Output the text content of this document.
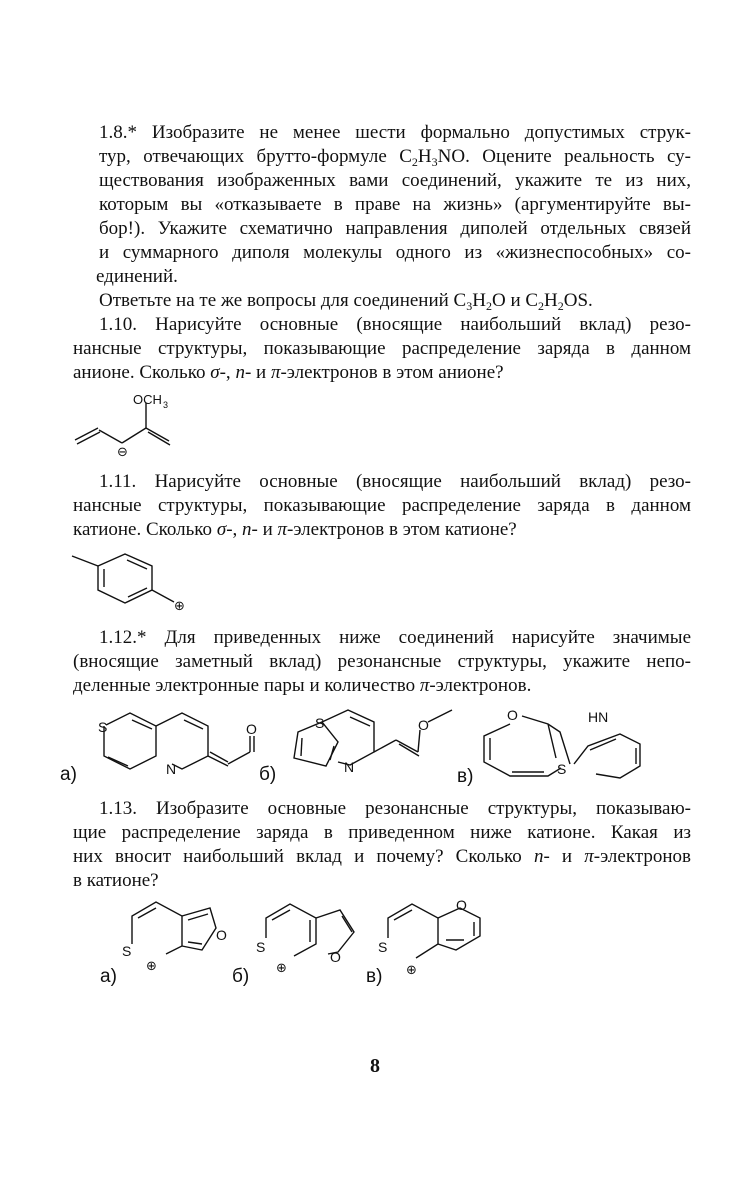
1.8.* Изобразите не менее шести формально допустимых струк-
тур, отвечающих брутто-формуле $C_2H_3NO$. Оцените реальность су-
ществования изображенных вами соединений, укажите те из них,
которым вы «отказываете в праве на жизнь» (аргументируйте вы-
бор!). Укажите схематично направления диполей отдельных связей
и суммарного диполя молекулы одного из «жизнеспособных» со-
единений.
Ответьте на те же вопросы для соединений $C_3H_2O$ и $C_2H_2OS$.
1.10. Нарисуйте основные (вносящие наибольший вклад) резо-
нансные структуры, показывающие распределение заряда в данном
анионе. Сколько σ-, n- и π-электронов в этом анионе?
OCH 3
⊖
1.11. Нарисуйте основные (вносящие наибольший вклад) резо-
нансные структуры, показывающие распределение заряда в данном
катионе. Сколько σ-, n- и π-электронов в этом катионе?
⊕
1.12.* Для приведенных ниже соединений нарисуйте значимые
(вносящие заметный вклад) резонансные структуры, укажите непо-
деленные электронные пары и количество π-электронов.
а)
S
N
O
б)
S
N
O
в)
O
S
HN
1.13. Изобразите основные резонансные структуры, показываю-
щие распределение заряда в приведенном ниже катионе. Какая из
них вносит наибольший вклад и почему? Сколько n- и π-электронов
в катионе?
S
O
⊕
а)
S
O
⊕
б)
S
O
⊕
в)
8
